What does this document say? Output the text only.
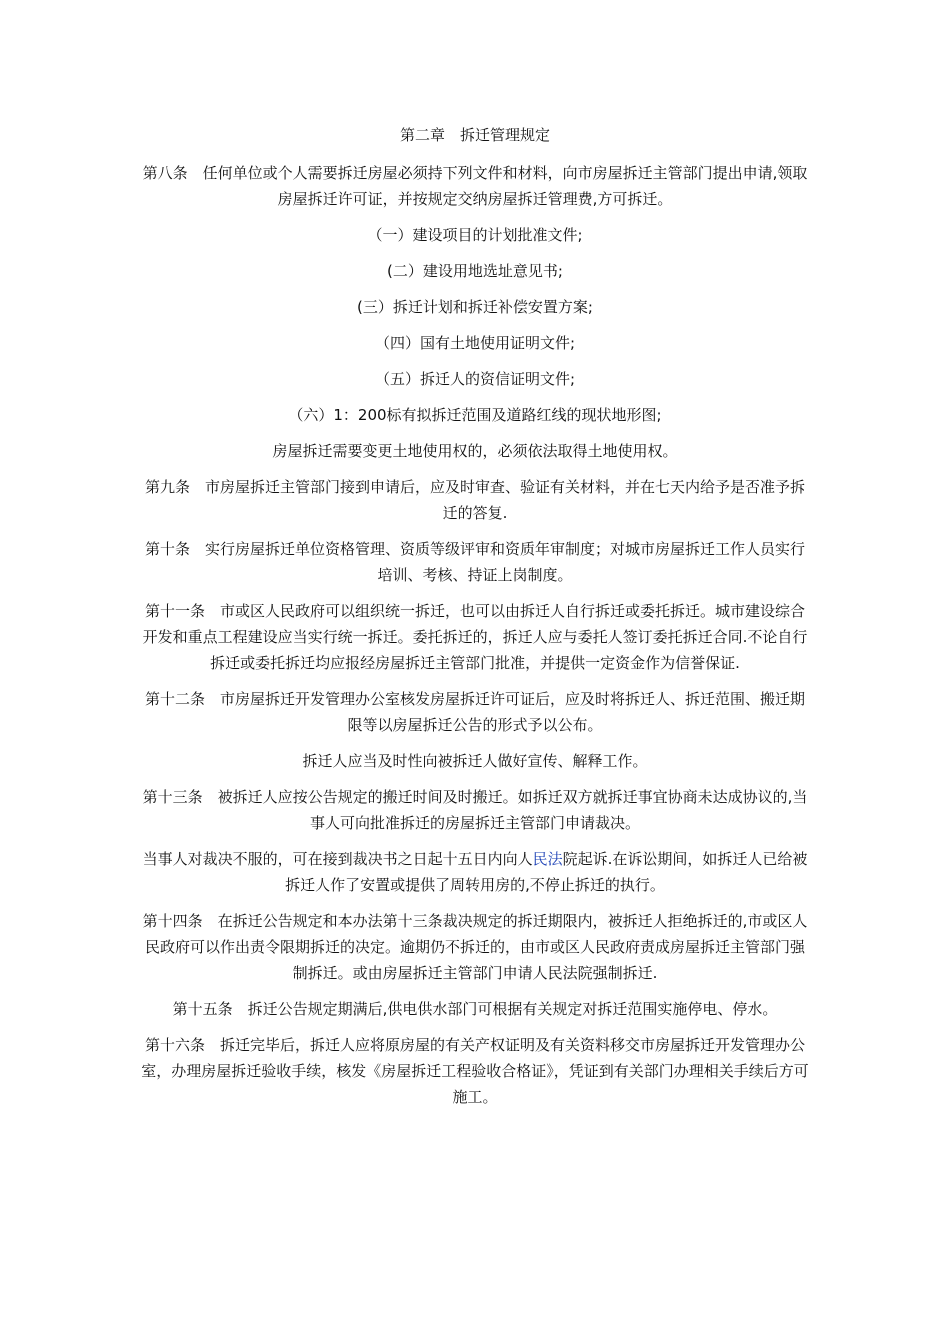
第二章　拆迁管理规定

第八条　任何单位或个人需要拆迁房屋必须持下列文件和材料，向市房屋拆迁主管部门提出申请,领取房屋拆迁许可证，并按规定交纳房屋拆迁管理费,方可拆迁。

（一）建设项目的计划批准文件;

(二）建设用地选址意见书;

(三）拆迁计划和拆迁补偿安置方案;

（四）国有土地使用证明文件;

（五）拆迁人的资信证明文件;

（六）1：200标有拟拆迁范围及道路红线的现状地形图;

房屋拆迁需要变更土地使用权的，必须依法取得土地使用权。

第九条　市房屋拆迁主管部门接到申请后，应及时审查、验证有关材料，并在七天内给予是否准予拆迁的答复.

第十条　实行房屋拆迁单位资格管理、资质等级评审和资质年审制度；对城市房屋拆迁工作人员实行培训、考核、持证上岗制度。

第十一条　市或区人民政府可以组织统一拆迁，也可以由拆迁人自行拆迁或委托拆迁。城市建设综合开发和重点工程建设应当实行统一拆迁。委托拆迁的，拆迁人应与委托人签订委托拆迁合同.不论自行拆迁或委托拆迁均应报经房屋拆迁主管部门批准，并提供一定资金作为信誉保证.

第十二条　市房屋拆迁开发管理办公室核发房屋拆迁许可证后，应及时将拆迁人、拆迁范围、搬迁期限等以房屋拆迁公告的形式予以公布。

拆迁人应当及时性向被拆迁人做好宣传、解释工作。

第十三条　被拆迁人应按公告规定的搬迁时间及时搬迁。如拆迁双方就拆迁事宜协商未达成协议的,当事人可向批准拆迁的房屋拆迁主管部门申请裁决。

当事人对裁决不服的，可在接到裁决书之日起十五日内向人民法院起诉.在诉讼期间，如拆迁人已给被拆迁人作了安置或提供了周转用房的,不停止拆迁的执行。

第十四条　在拆迁公告规定和本办法第十三条裁决规定的拆迁期限内，被拆迁人拒绝拆迁的,市或区人民政府可以作出责令限期拆迁的决定。逾期仍不拆迁的，由市或区人民政府责成房屋拆迁主管部门强制拆迁。或由房屋拆迁主管部门申请人民法院强制拆迁.

第十五条　拆迁公告规定期满后,供电供水部门可根据有关规定对拆迁范围实施停电、停水。

第十六条　拆迁完毕后，拆迁人应将原房屋的有关产权证明及有关资料移交市房屋拆迁开发管理办公室，办理房屋拆迁验收手续，核发《房屋拆迁工程验收合格证》，凭证到有关部门办理相关手续后方可施工。
